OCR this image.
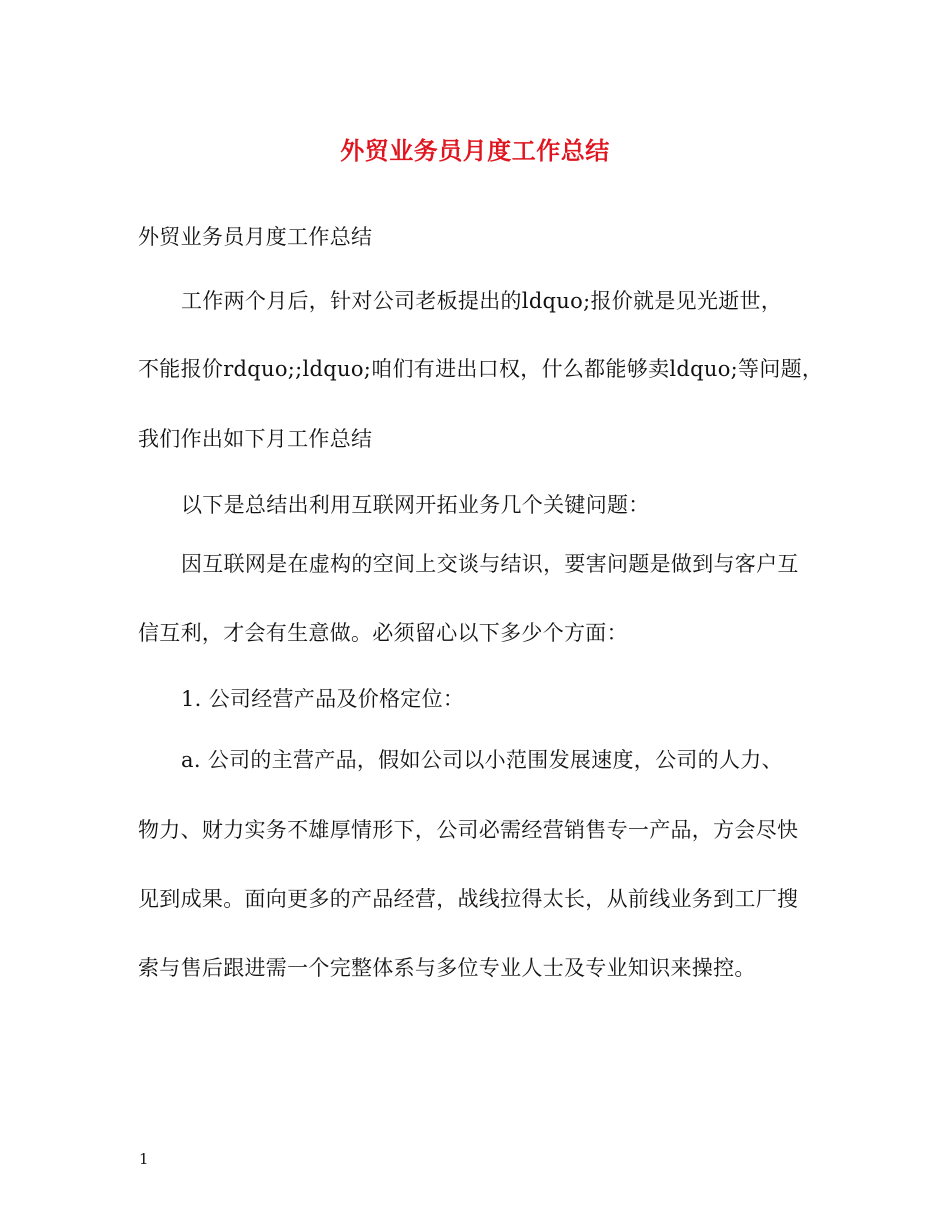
外贸业务员月度工作总结
外贸业务员月度工作总结
工作两个月后，针对公司老板提出的ldquo;报价就是见光逝世，
不能报价rdquo;;ldquo;咱们有进出口权，什么都能够卖ldquo;等问题，
我们作出如下月工作总结
以下是总结出利用互联网开拓业务几个关键问题：
因互联网是在虚构的空间上交谈与结识，要害问题是做到与客户互
信互利，才会有生意做。必须留心以下多少个方面：
1. 公司经营产品及价格定位：
a. 公司的主营产品，假如公司以小范围发展速度，公司的人力、
物力、财力实务不雄厚情形下，公司必需经营销售专一产品，方会尽快
见到成果。面向更多的产品经营，战线拉得太长，从前线业务到工厂搜
索与售后跟进需一个完整体系与多位专业人士及专业知识来操控。
1
